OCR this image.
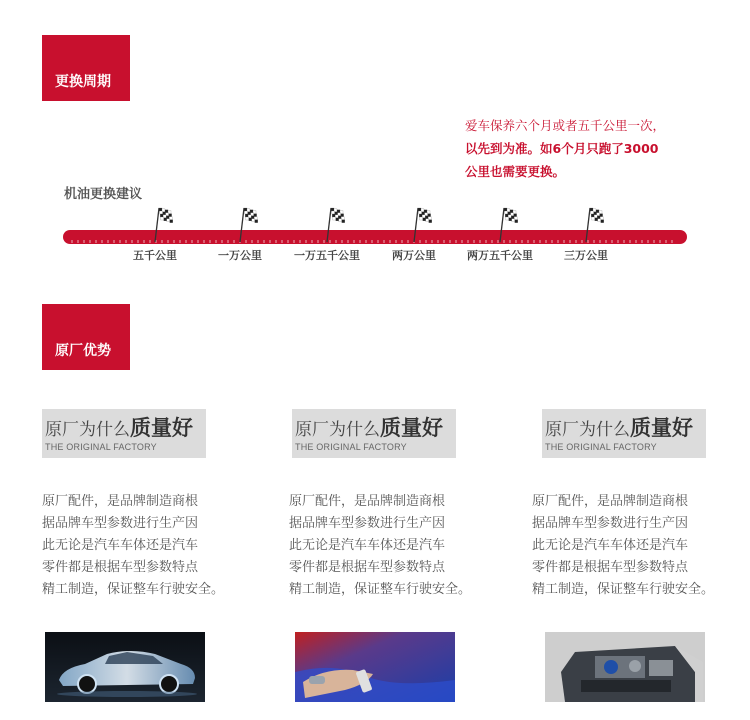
更换周期
爱车保养六个月或者五千公里一次，
以先到为准。如6个月只跑了3000
公里也需要更换。
机油更换建议
五千公里	一万公里	一万五千公里	两万公里	两万五千公里	三万公里
原厂优势
原厂为什么质量好
THE ORIGINAL FACTORY
原厂配件，是品牌制造商根
据品牌车型参数进行生产因
此无论是汽车车体还是汽车
零件都是根据车型参数特点
精工制造，保证整车行驶安全。
原厂为什么质量好
THE ORIGINAL FACTORY
原厂配件，是品牌制造商根
据品牌车型参数进行生产因
此无论是汽车车体还是汽车
零件都是根据车型参数特点
精工制造，保证整车行驶安全。
原厂为什么质量好
THE ORIGINAL FACTORY
原厂配件，是品牌制造商根
据品牌车型参数进行生产因
此无论是汽车车体还是汽车
零件都是根据车型参数特点
精工制造，保证整车行驶安全。
